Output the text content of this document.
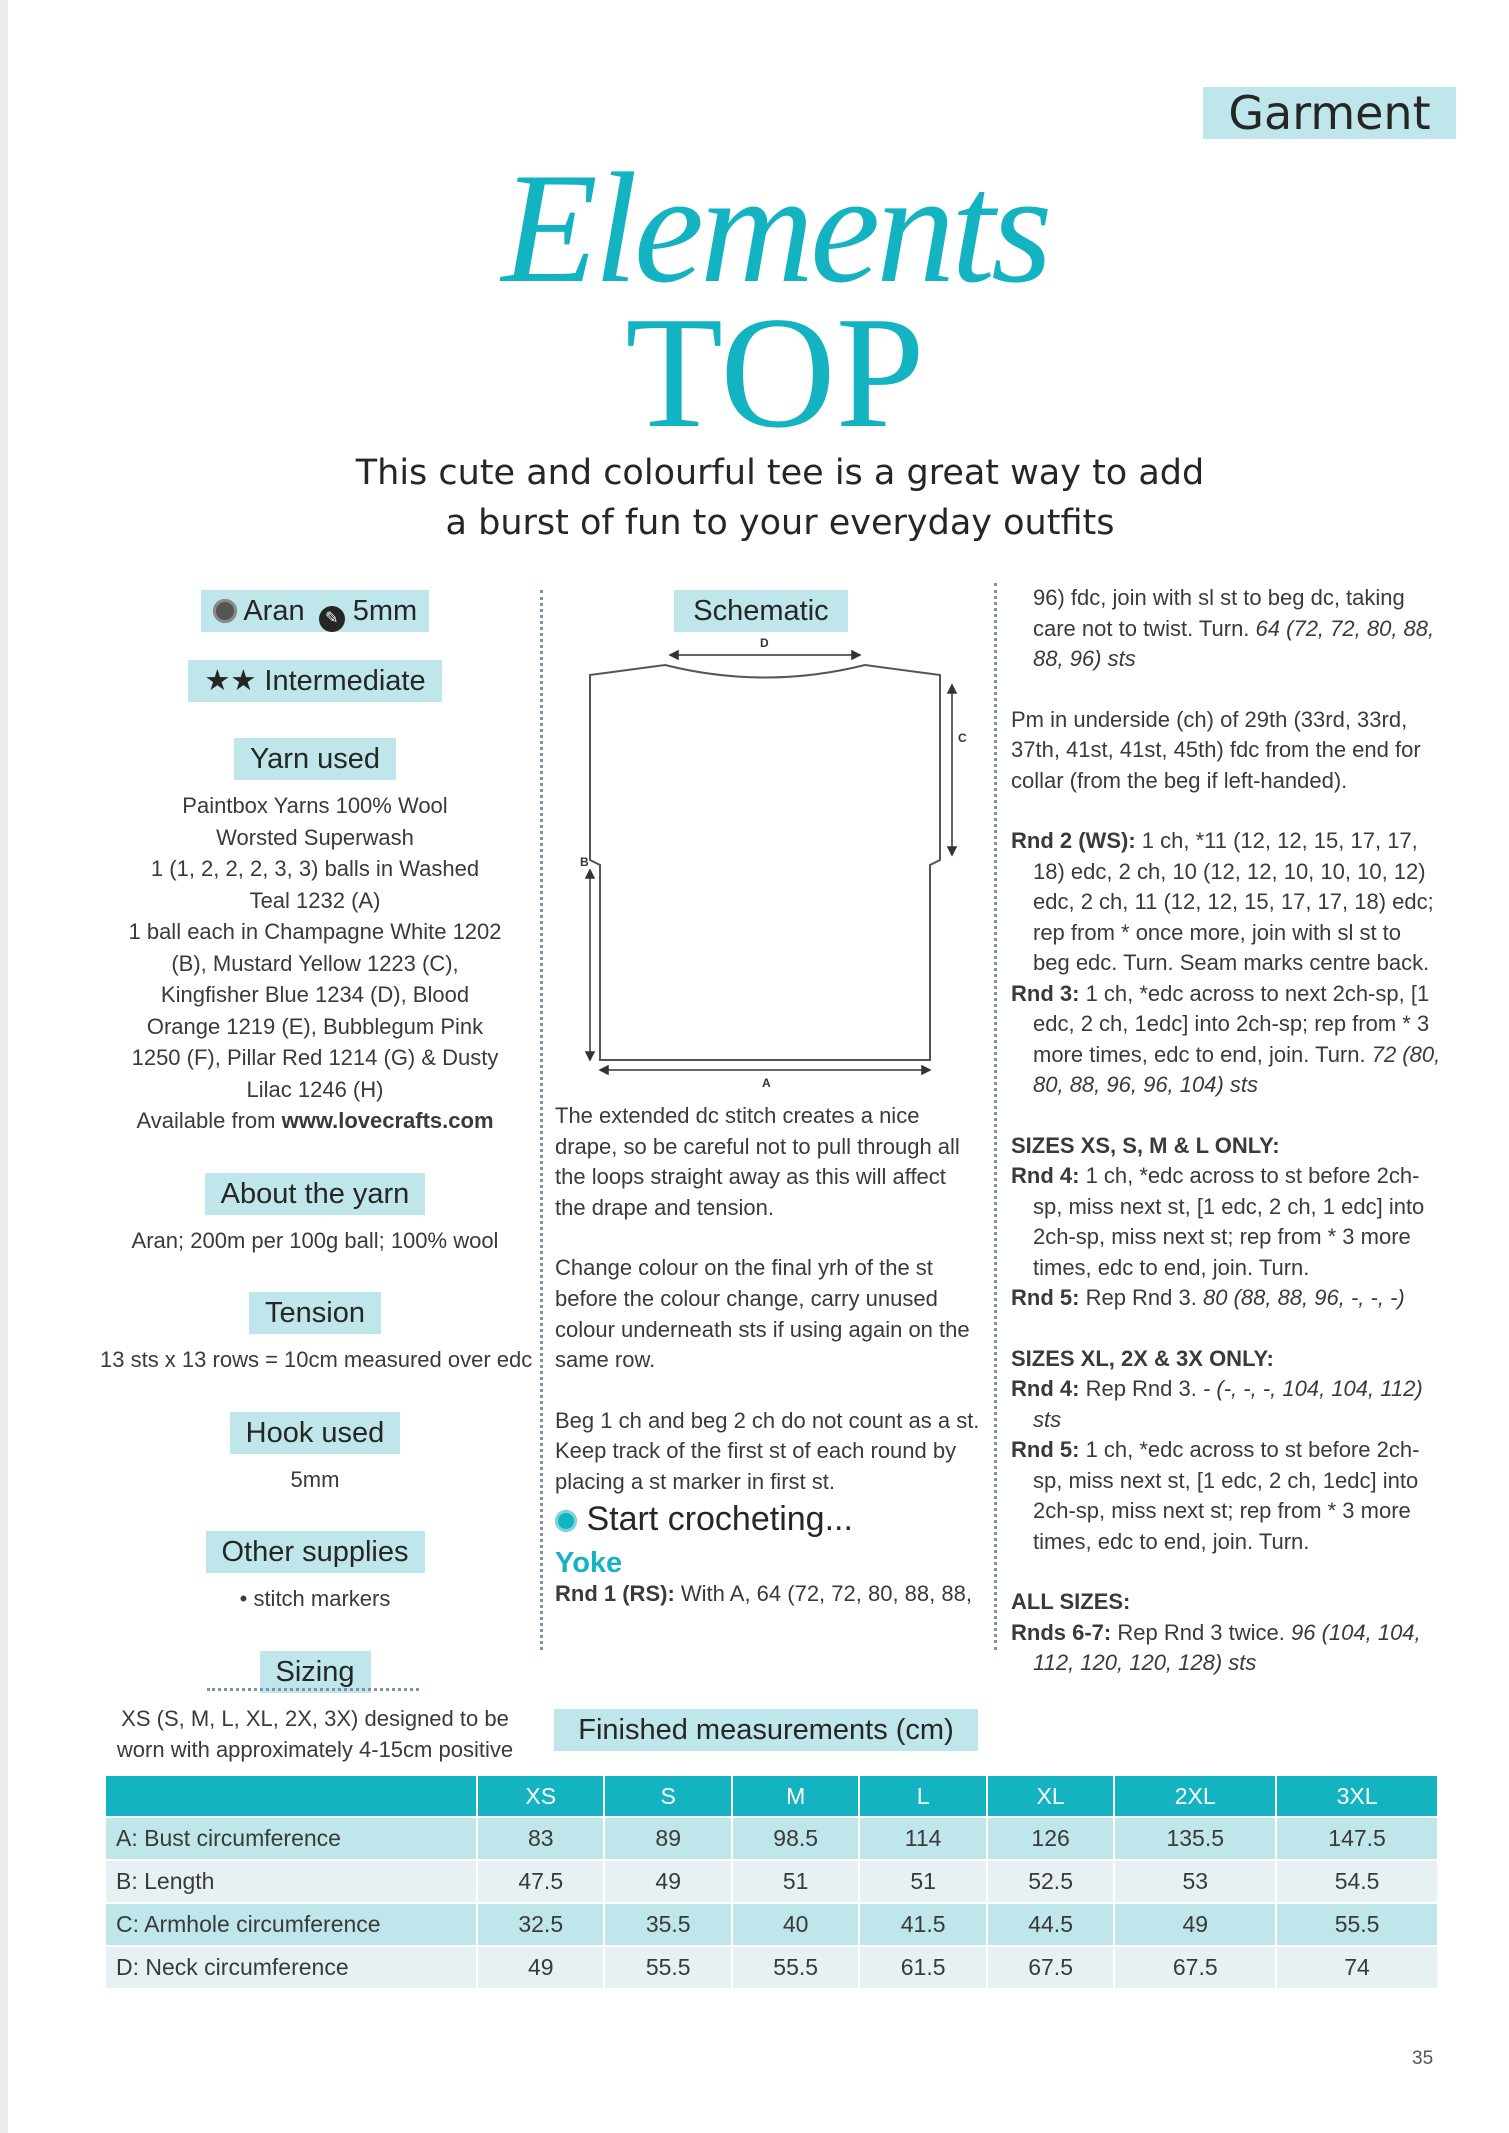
Garment
Elements
TOP
This cute and colourful tee is a great way to add
a burst of fun to your everyday outfits
Aran ✎ 5mm
★★ Intermediate
Yarn used
Paintbox Yarns 100% Wool Worsted Superwash
1 (1, 2, 2, 2, 3, 3) balls in Washed Teal 1232 (A)
1 ball each in Champagne White 1202 (B), Mustard Yellow 1223 (C), Kingfisher Blue 1234 (D), Blood Orange 1219 (E), Bubblegum Pink 1250 (F), Pillar Red 1214 (G) & Dusty Lilac 1246 (H)
Available from www.lovecrafts.com
About the yarn
Aran; 200m per 100g ball; 100% wool
Tension
13 sts x 13 rows = 10cm measured over edc
Hook used
5mm
Other supplies
• stitch markers
Sizing
XS (S, M, L, XL, 2X, 3X) designed to be worn with approximately 4-15cm positive
Schematic
A
B
C
D

The extended dc stitch creates a nice drape, so be careful not to pull through all the loops straight away as this will affect the drape and tension.

Change colour on the final yrh of the st before the colour change, carry unused colour underneath sts if using again on the same row.

Beg 1 ch and beg 2 ch do not count as a st. Keep track of the first st of each round by placing a st marker in first st.

Start crocheting...
Yoke
Rnd 1 (RS): With A, 64 (72, 72, 80, 88, 88,

96) fdc, join with sl st to beg dc, taking care not to twist. Turn. 64 (72, 72, 80, 88, 88, 96) sts

Pm in underside (ch) of 29th (33rd, 33rd, 37th, 41st, 41st, 45th) fdc from the end for collar (from the beg if left-handed).

Rnd 2 (WS): 1 ch, *11 (12, 12, 15, 17, 17, 18) edc, 2 ch, 10 (12, 12, 10, 10, 10, 12) edc, 2 ch, 11 (12, 12, 15, 17, 17, 18) edc; rep from * once more, join with sl st to beg edc. Turn. Seam marks centre back.

Rnd 3: 1 ch, *edc across to next 2ch-sp, [1 edc, 2 ch, 1edc] into 2ch-sp; rep from * 3 more times, edc to end, join. Turn. 72 (80, 80, 88, 96, 96, 104) sts

SIZES XS, S, M & L ONLY:

Rnd 4: 1 ch, *edc across to st before 2ch-sp, miss next st, [1 edc, 2 ch, 1 edc] into 2ch-sp, miss next st; rep from * 3 more times, edc to end, join. Turn.

Rnd 5: Rep Rnd 3. 80 (88, 88, 96, -, -, -)

SIZES XL, 2X & 3X ONLY:

Rnd 4: Rep Rnd 3. - (-, -, -, 104, 104, 112) sts

Rnd 5: 1 ch, *edc across to st before 2ch-sp, miss next st, [1 edc, 2 ch, 1edc] into 2ch-sp, miss next st; rep from * 3 more times, edc to end, join. Turn.

ALL SIZES:

Rnds 6-7: Rep Rnd 3 twice. 96 (104, 104, 112, 120, 120, 128) sts

Finished measurements (cm)
	XS	S	M	L	XL	2XL	3XL
A: Bust circumference	83	89	98.5	114	126	135.5	147.5
B: Length	47.5	49	51	51	52.5	53	54.5
C: Armhole circumference	32.5	35.5	40	41.5	44.5	49	55.5
D: Neck circumference	49	55.5	55.5	61.5	67.5	67.5	74
35
